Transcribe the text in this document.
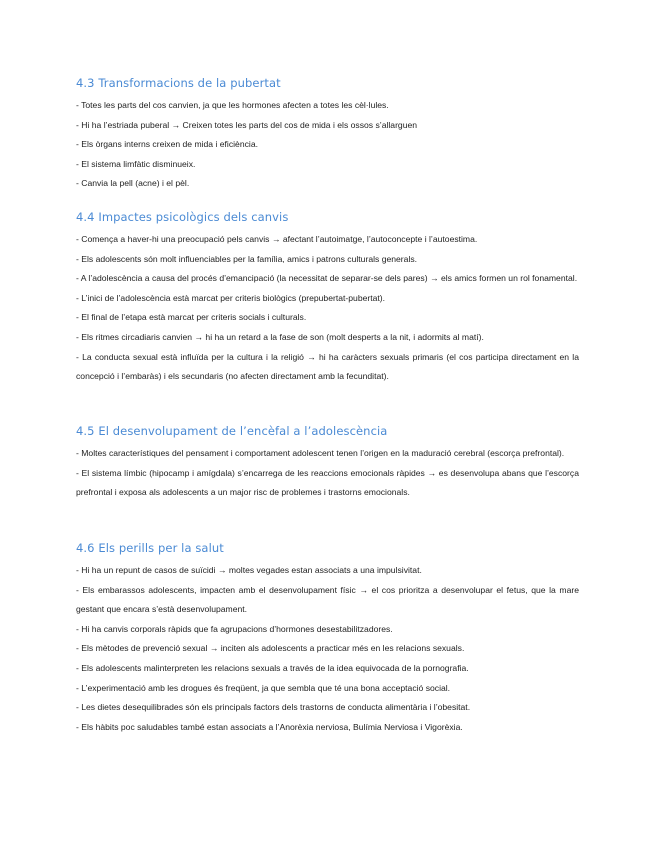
4.3 Transformacions de la pubertat
- Totes les parts del cos canvien, ja que les hormones afecten a totes les cèl·lules.
- Hi ha l’estriada puberal → Creixen totes les parts del cos de mida i els ossos s’allarguen
- Els òrgans interns creixen de mida i eficiència.
- El sistema limfàtic disminueix.
- Canvia la pell (acne) i el pèl.
4.4 Impactes psicològics dels canvis
- Comença a haver-hi una preocupació pels canvis → afectant l’autoimatge, l’autoconcepte i l’autoestima.
- Els adolescents són molt influenciables per la família, amics i patrons culturals generals.
- A l’adolescència a causa del procés d’emancipació (la necessitat de separar-se dels pares) → els amics formen un rol fonamental.
- L’inici de l’adolescència està marcat per criteris biològics (prepubertat-pubertat).
- El final de l’etapa està marcat per criteris socials i culturals.
- Els ritmes circadiaris canvien → hi ha un retard a la fase de son (molt desperts a la nit, i adormits al matí).
- La conducta sexual està influïda per la cultura i la religió → hi ha caràcters sexuals primaris (el cos participa directament en la concepció i l’embaràs) i els secundaris (no afecten directament amb la fecunditat).
4.5 El desenvolupament de l’encèfal a l’adolescència
- Moltes característiques del pensament i comportament adolescent tenen l’origen en la maduració cerebral (escorça prefrontal).
- El sistema límbic (hipocamp i amígdala) s’encarrega de les reaccions emocionals ràpides → es desenvolupa abans que l’escorça prefrontal i exposa als adolescents a un major risc de problemes i trastorns emocionals.
4.6 Els perills per la salut
- Hi ha un repunt de casos de suïcidi → moltes vegades estan associats a una impulsivitat.
- Els embarassos adolescents, impacten amb el desenvolupament físic → el cos prioritza a desenvolupar el fetus, que la mare gestant que encara s’està desenvolupament.
- Hi ha canvis corporals ràpids que fa agrupacions d’hormones desestabilitzadores.
- Els mètodes de prevenció sexual → inciten als adolescents a practicar més en les relacions sexuals.
- Els adolescents malinterpreten les relacions sexuals a través de la idea equivocada de la pornografia.
- L’experimentació amb les drogues és freqüent, ja que sembla que té una bona acceptació social.
- Les dietes desequilibrades són els principals factors dels trastorns de conducta alimentària i l’obesitat.
- Els hàbits poc saludables també estan associats a l’Anorèxia nerviosa, Bulímia Nerviosa i Vigorèxia.
